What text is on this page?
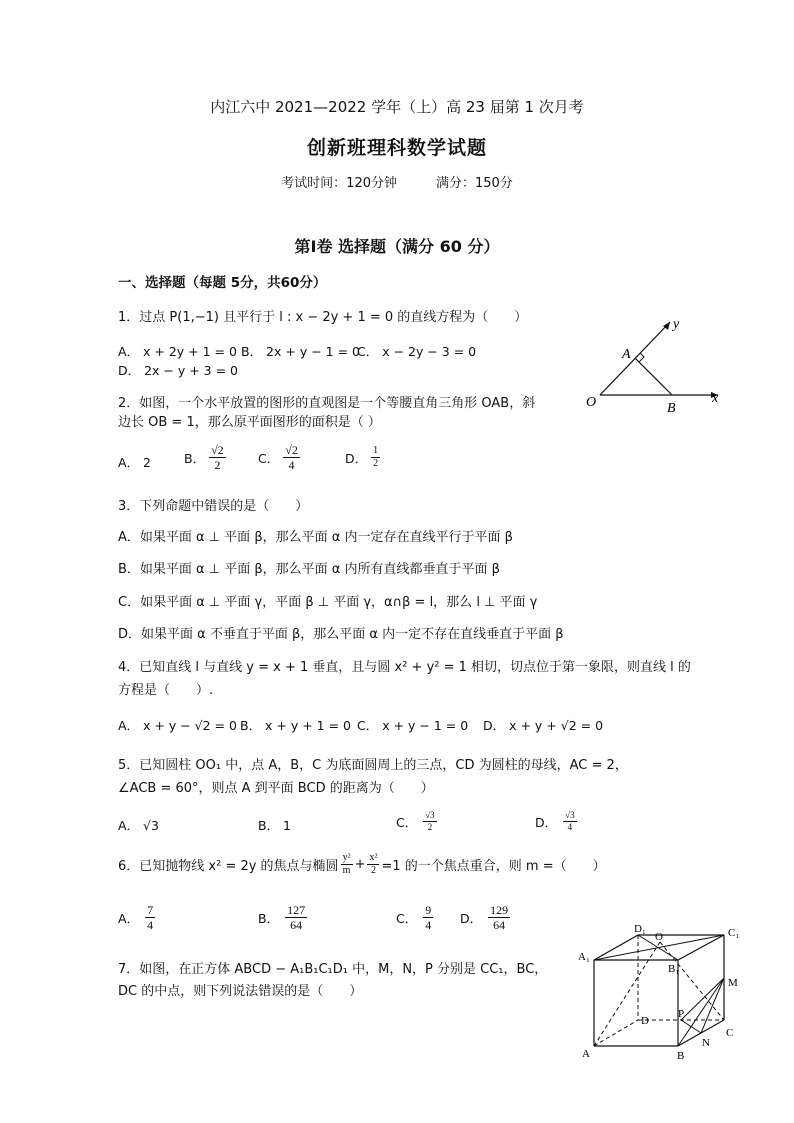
内江六中 2021—2022 学年（上）高 23 届第 1 次月考
创新班理科数学试题
考试时间：120分钟　　　满分：150分
第Ⅰ卷 选择题（满分 60 分）
一、选择题（每题 5分，共60分）
1．过点 P(1,−1) 且平行于 l : x − 2y + 1 = 0 的直线方程为（　　）
A． x + 2y + 1 = 0 B． 2x + y − 1 = 0
C． x − 2y − 3 = 0
D． 2x − y + 3 = 0
O
A
B
x
y
2．如图，一个水平放置的图形的直观图是一个等腰直角三角形 OAB，斜
边长 OB = 1，那么原平面图形的面积是（ ）
A． 2	B． $\frac{√2}{2}$	C． $\frac{√2}{4}$	D． $\frac{1}{2}$
3．下列命题中错误的是（　　）
A．如果平面 α ⊥ 平面 β，那么平面 α 内一定存在直线平行于平面 β
B．如果平面 α ⊥ 平面 β，那么平面 α 内所有直线都垂直于平面 β
C．如果平面 α ⊥ 平面 γ，平面 β ⊥ 平面 γ，α∩β = l，那么 l ⊥ 平面 γ
D．如果平面 α 不垂直于平面 β，那么平面 α 内一定不存在直线垂直于平面 β
4．已知直线 l 与直线 y = x + 1 垂直，且与圆 x² + y² = 1 相切，切点位于第一象限，则直线 l 的
方程是（　　）.
A． x + y − √2 = 0 B． x + y + 1 = 0 C． x + y − 1 = 0 D． x + y + √2 = 0
5．已知圆柱 OO₁ 中，点 A，B，C 为底面圆周上的三点，CD 为圆柱的母线，AC = 2，
∠ACB = 60°，则点 A 到平面 BCD 的距离为（　　）
A． √3	B． 1	C． $\frac{√3}{2}$	D． $\frac{√3}{4}$
6．已知抛物线 x² = 2y 的焦点与椭圆 $\frac{\text{y²}}{m} + \frac{\text{x²}}{2} =1$ 的一个焦点重合，则 m =（　　）
A． $\frac{7}{4}$	B． $\frac{127}{64}$	C． $\frac{9}{4}$ D． $\frac{129}{64}$
7．如图，在正方体 ABCD − A₁B₁C₁D₁ 中，M，N，P 分别是 CC₁，BC，
DC 的中点，则下列说法错误的是（　　）
A₁
D₁
O	C₁
B₁
M
D
P
C
N
A	B
